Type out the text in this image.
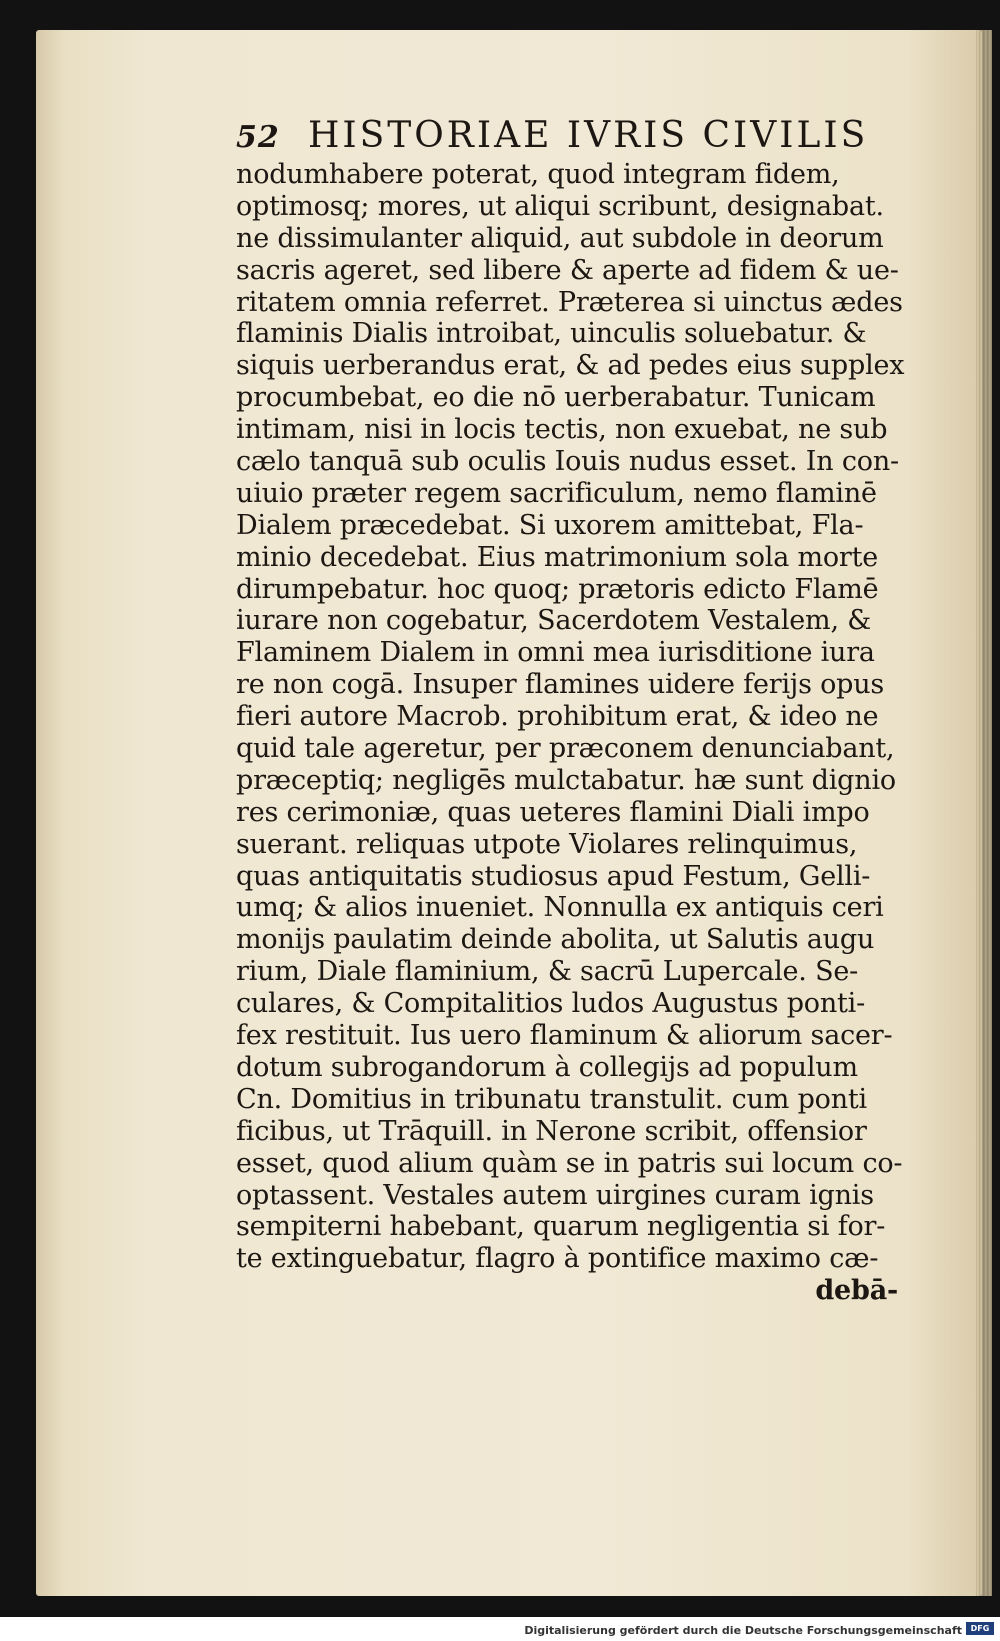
52 HISTORIAE IVRIS CIVILIS
nodumhabere poterat, quod integram fidem,
optimosq; mores, ut aliqui scribunt, designabat.
ne dissimulanter aliquid, aut subdole in deorum
sacris ageret, sed libere & aperte ad fidem & ue-
ritatem omnia referret. Præterea si uinctus ædes
flaminis Dialis introibat, uinculis soluebatur. &
siquis uerberandus erat, & ad pedes eius supplex
procumbebat, eo die nō uerberabatur. Tunicam
intimam, nisi in locis tectis, non exuebat, ne sub
cælo tanquā sub oculis Iouis nudus esset. In con-
uiuio præter regem sacrificulum, nemo flaminē
Dialem præcedebat. Si uxorem amittebat, Fla-
minio decedebat. Eius matrimonium sola morte
dirumpebatur. hoc quoq; prætoris edicto Flamē
iurare non cogebatur, Sacerdotem Vestalem, &
Flaminem Dialem in omni mea iurisditione iura
re non cogā. Insuper flamines uidere ferijs opus
fieri autore Macrob. prohibitum erat, & ideo ne
quid tale ageretur, per præconem denunciabant,
præceptiq; negligēs mulctabatur. hæ sunt dignio
res cerimoniæ, quas ueteres flamini Diali impo
suerant. reliquas utpote Violares relinquimus,
quas antiquitatis studiosus apud Festum, Gelli-
umq; & alios inueniet. Nonnulla ex antiquis ceri
monijs paulatim deinde abolita, ut Salutis augu
rium, Diale flaminium, & sacrū Lupercale. Se-
culares, & Compitalitios ludos Augustus ponti-
fex restituit. Ius uero flaminum & aliorum sacer-
dotum subrogandorum à collegijs ad populum
Cn. Domitius in tribunatu transtulit. cum ponti
ficibus, ut Trāquill. in Nerone scribit, offensior
esset, quod alium quàm se in patris sui locum co-
optassent. Vestales autem uirgines curam ignis
sempiterni habebant, quarum negligentia si for-
te extinguebatur, flagro à pontifice maximo cæ-
debā-
Digitalisierung gefördert durch die Deutsche Forschungsgemeinschaft	DFG
